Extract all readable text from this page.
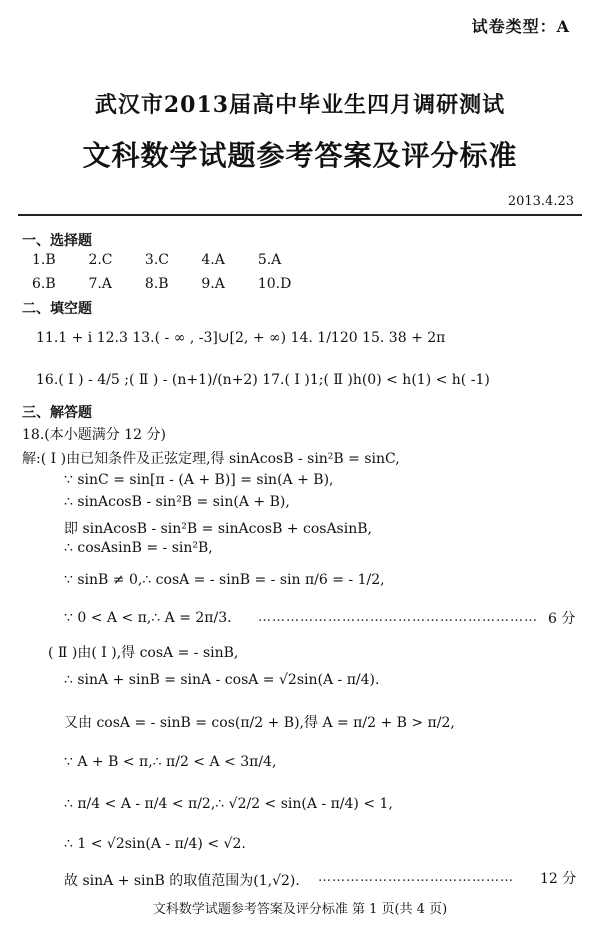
试卷类型：A
武汉市2013届高中毕业生四月调研测试
文科数学试题参考答案及评分标准
2013.4.23
一、选择题
1.B 2.C 3.C 4.A 5.A
6.B 7.A 8.B 9.A 10.D
二、填空题
11.1 + i 12.3 13.( - ∞ , -3]∪[2, + ∞) 14. 1/120 15. 38 + 2π
16.( Ⅰ ) - 4/5 ;( Ⅱ ) - (n+1)/(n+2) 17.( Ⅰ )1;( Ⅱ )h(0) < h(1) < h( -1)
三、解答题
18.(本小题满分 12 分)
解:( Ⅰ )由已知条件及正弦定理,得 sinAcosB - sin²B = sinC,
∵ sinC = sin[π - (A + B)] = sin(A + B),
∴ sinAcosB - sin²B = sin(A + B),
即 sinAcosB - sin²B = sinAcosB + cosAsinB,
∴ cosAsinB = - sin²B,
∵ sinB ≠ 0,∴ cosA = - sinB = - sin π/6 = - 1/2,
∵ 0 < A < π,∴ A = 2π/3. …………………………………………………… 6 分
( Ⅱ )由( Ⅰ ),得 cosA = - sinB,
∴ sinA + sinB = sinA - cosA = √2sin(A - π/4).
又由 cosA = - sinB = cos(π/2 + B),得 A = π/2 + B > π/2,
∵ A + B < π,∴ π/2 < A < 3π/4,
∴ π/4 < A - π/4 < π/2,∴ √2/2 < sin(A - π/4) < 1,
∴ 1 < √2sin(A - π/4) < √2.
故 sinA + sinB 的取值范围为(1,√2). …………………………………… 12 分
文科数学试题参考答案及评分标准 第 1 页(共 4 页)
